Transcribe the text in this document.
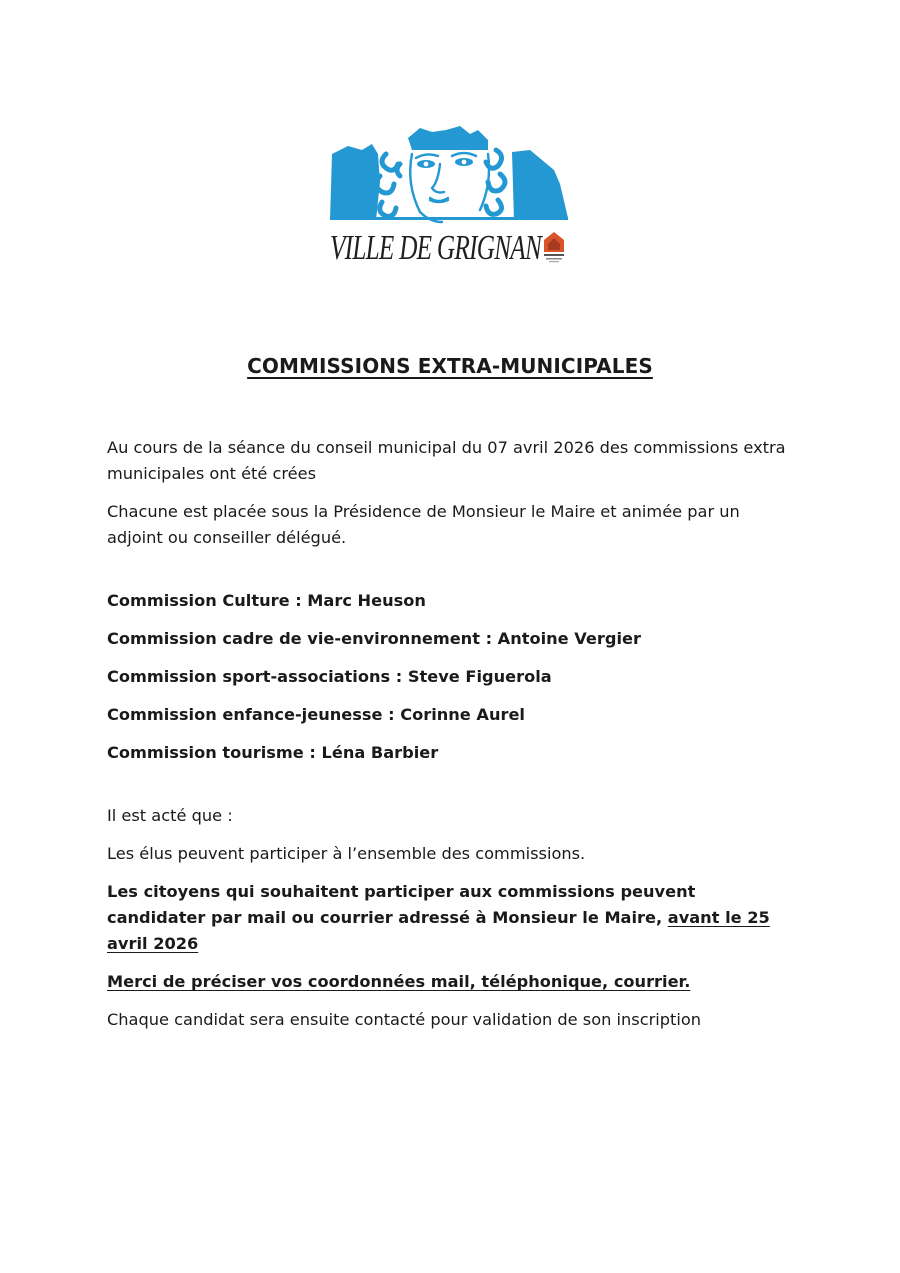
VILLE DE GRIGNAN
COMMISSIONS EXTRA-MUNICIPALES

Au cours de la séance du conseil municipal du 07 avril 2026 des commissions extra municipales ont été crées

Chacune est placée sous la Présidence de Monsieur le Maire et animée par un adjoint ou conseiller délégué.

Commission Culture : Marc Heuson

Commission cadre de vie-environnement : Antoine Vergier

Commission sport-associations : Steve Figuerola

Commission enfance-jeunesse : Corinne Aurel

Commission tourisme : Léna Barbier

Il est acté que :

Les élus peuvent participer à l’ensemble des commissions.

Les citoyens qui souhaitent participer aux commissions peuvent candidater par mail ou courrier adressé à Monsieur le Maire, avant le 25 avril 2026

Merci de préciser vos coordonnées mail, téléphonique, courrier.

Chaque candidat sera ensuite contacté pour validation de son inscription
